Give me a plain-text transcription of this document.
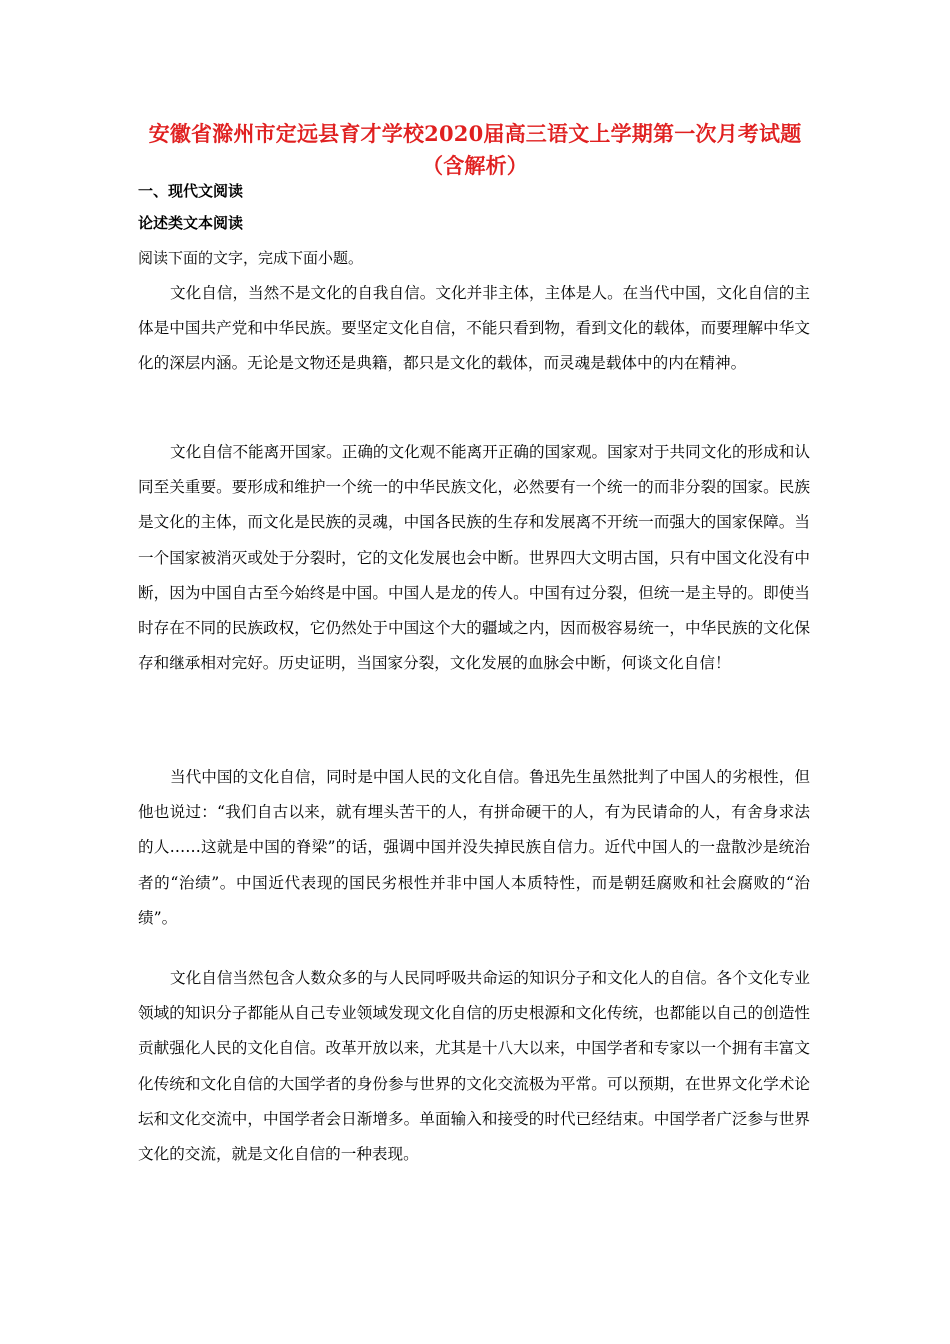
安徽省滁州市定远县育才学校2020届高三语文上学期第一次月考试题（含解析）
一、现代文阅读
论述类文本阅读
阅读下面的文字，完成下面小题。

文化自信，当然不是文化的自我自信。文化并非主体，主体是人。在当代中国，文化自信的主体是中国共产党和中华民族。要坚定文化自信，不能只看到物，看到文化的载体，而要理解中华文化的深层内涵。无论是文物还是典籍，都只是文化的载体，而灵魂是载体中的内在精神。

文化自信不能离开国家。正确的文化观不能离开正确的国家观。国家对于共同文化的形成和认同至关重要。要形成和维护一个统一的中华民族文化，必然要有一个统一的而非分裂的国家。民族是文化的主体，而文化是民族的灵魂，中国各民族的生存和发展离不开统一而强大的国家保障。当一个国家被消灭或处于分裂时，它的文化发展也会中断。世界四大文明古国，只有中国文化没有中断，因为中国自古至今始终是中国。中国人是龙的传人。中国有过分裂，但统一是主导的。即使当时存在不同的民族政权，它仍然处于中国这个大的疆域之内，因而极容易统一，中华民族的文化保存和继承相对完好。历史证明，当国家分裂，文化发展的血脉会中断，何谈文化自信！

当代中国的文化自信，同时是中国人民的文化自信。鲁迅先生虽然批判了中国人的劣根性，但他也说过：“我们自古以来，就有埋头苦干的人，有拼命硬干的人，有为民请命的人，有舍身求法的人……这就是中国的脊梁”的话，强调中国并没失掉民族自信力。近代中国人的一盘散沙是统治者的“治绩”。中国近代表现的国民劣根性并非中国人本质特性，而是朝廷腐败和社会腐败的“治绩”。

文化自信当然包含人数众多的与人民同呼吸共命运的知识分子和文化人的自信。各个文化专业领域的知识分子都能从自己专业领域发现文化自信的历史根源和文化传统，也都能以自己的创造性贡献强化人民的文化自信。改革开放以来，尤其是十八大以来，中国学者和专家以一个拥有丰富文化传统和文化自信的大国学者的身份参与世界的文化交流极为平常。可以预期，在世界文化学术论坛和文化交流中，中国学者会日渐增多。单面输入和接受的时代已经结束。中国学者广泛参与世界文化的交流，就是文化自信的一种表现。
